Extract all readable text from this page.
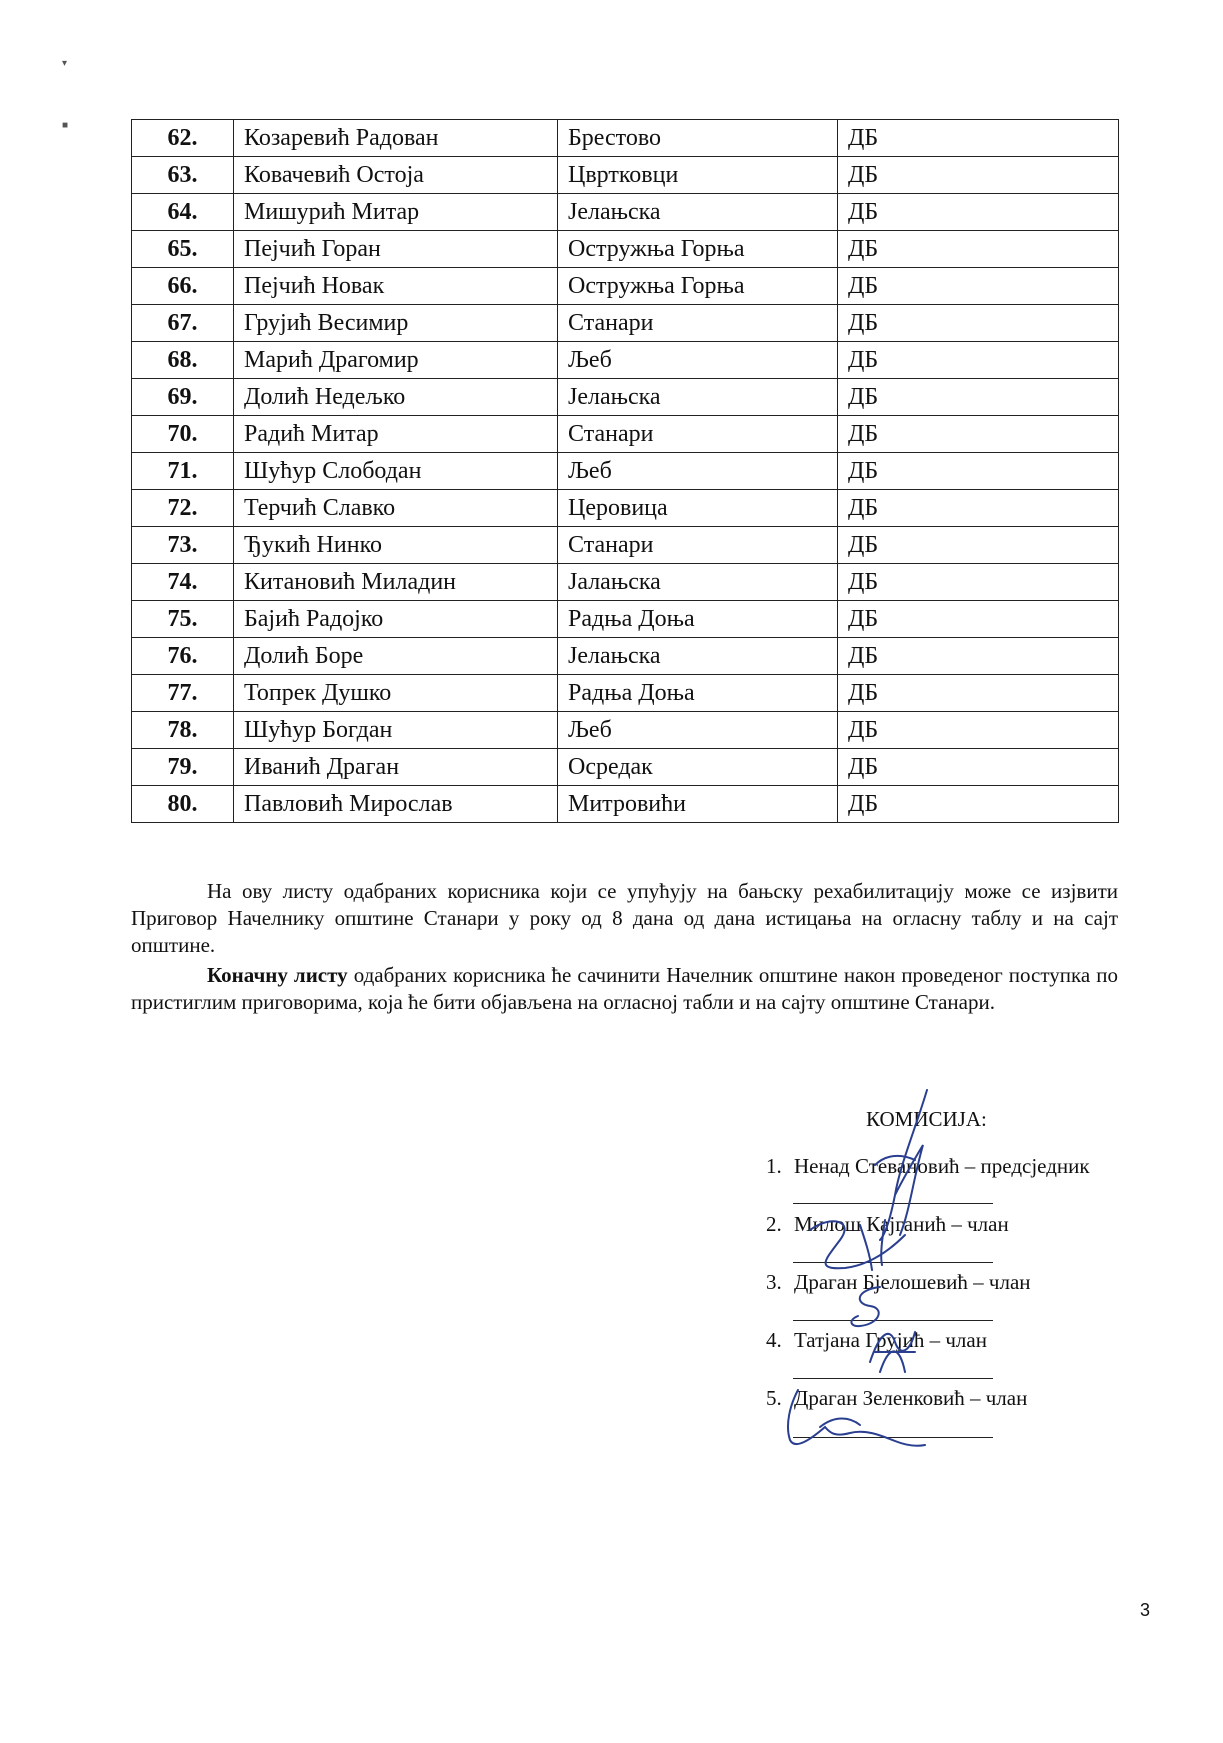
▾
■	62.	Козаревић Радован	Брестово	ДБ
63.	Ковачевић Остоја	Цвртковци	ДБ
64.	Мишурић Митар	Јелањска	ДБ
65.	Пејчић Горан	Остружња Горња	ДБ
66.	Пејчић Новак	Остружња Горња	ДБ
67.	Грујић Весимир	Станари	ДБ
68.	Марић Драгомир	Љеб	ДБ
69.	Долић Недељко	Јелањска	ДБ
70.	Радић Митар	Станари	ДБ
71.	Шућур Слободан	Љеб	ДБ
72.	Терчић Славко	Церовица	ДБ
73.	Ђукић Нинко	Станари	ДБ
74.	Китановић Миладин	Јалањска	ДБ
75.	Бајић Радојко	Радња Доња	ДБ
76.	Долић Боре	Јелањска	ДБ
77.	Топрек Душко	Радња Доња	ДБ
78.	Шућур Богдан	Љеб	ДБ
79.	Иванић Драган	Осредак	ДБ
80.	Павловић Мирослав	Митровићи	ДБ
На ову листу одабраних корисника који се упућују на бањску рехабилитацију може се изјвити Приговор Начелнику општине Станари у року од 8 дана од дана истицања на огласну таблу и на сајт општине.
Коначну листу одабраних корисника ће сачинити Начелник општине након проведеног поступка по пристиглим приговорима, која ће бити објављена на огласној табли и на сајту општине Станари.
КОМИСИЈА:
1. Ненад Стевановић – предсједник
2. Милош Кајганић – члан
3. Драган Бјелошевић – члан
4. Татјана Грујић – члан
5. Драган Зеленковић – члан
3
